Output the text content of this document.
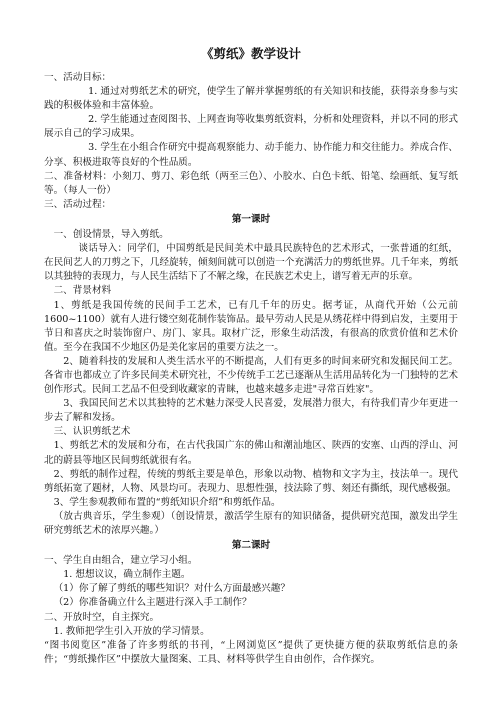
《剪纸》教学设计

一、活动目标：

1. 通过对剪纸艺术的研究，使学生了解并掌握剪纸的有关知识和技能，获得亲身参与实践的积极体验和丰富体验。

2. 学生能通过查阅图书、上网查询等收集剪纸资料，分析和处理资料，并以不同的形式展示自己的学习成果。

3. 学生在小组合作研究中提高观察能力、动手能力、协作能力和交往能力。养成合作、分享、积极进取等良好的个性品质。

二、准备材料：小刻刀、剪刀、彩色纸（两至三色）、小胶水、白色卡纸、铅笔、绘画纸、复写纸等。（每人一份）

三、活动过程：

第一课时

一、创设情景，导入剪纸。

谈话导入：同学们，中国剪纸是民间美术中最具民族特色的艺术形式，一张普通的红纸，在民间艺人的刀剪之下，几经旋转，倾刻间就可以创造一个充满活力的剪纸世界。几千年来，剪纸以其独特的表现力，与人民生活结下了不解之缘，在民族艺术史上，谱写着无声的乐章。

二、背景材料

1、剪纸是我国传统的民间手工艺术，已有几千年的历史。据考证，从商代开始（公元前1600~1100）就有人进行镂空刻花制作装饰品。最早劳动人民是从绣花样中得到启发，主要用于节日和喜庆之时装饰窗户、房门、家具。取材广泛，形象生动活泼，有很高的欣赏价值和艺术价值。至今在我国不少地区仍是美化家居的重要方法之一。

2、随着科技的发展和人类生活水平的不断提高，人们有更多的时间来研究和发掘民间工艺。各省市也都成立了许多民间美术研究社，不少传统手工艺已逐渐从生活用品转化为一门独特的艺术创作形式。民间工艺品不但受到收藏家的青睐，也越来越多走进"寻常百姓家"。

3、我国民间艺术以其独特的艺术魅力深受人民喜爱，发展潜力很大，有待我们青少年更进一步去了解和发扬。

三、认识剪纸艺术

1、剪纸艺术的发展和分布，在古代我国广东的佛山和潮汕地区、陕西的安塞、山西的浮山、河北的蔚县等地区民间剪纸就很有名。

2、剪纸的制作过程，传统的剪纸主要是单色，形象以动物、植物和文字为主，技法单一。现代剪纸拓宽了题材，人物、风景均可。表现力、思想性强，技法除了剪、刻还有撕纸，现代感极强。

3、学生参观教师布置的“剪纸知识介绍”和剪纸作品。

（放古典音乐，学生参观）（创设情景，激活学生原有的知识储备，提供研究范围，激发出学生研究剪纸艺术的浓厚兴趣。）

第二课时

一、学生自由组合，建立学习小组。

1. 想想议议，确立制作主题。

（1）你了解了剪纸的哪些知识？对什么方面最感兴趣？

（2）你准备确立什么主题进行深入手工制作？

二、开放时空，自主探究。

1. 教师把学生引入开放的学习情景。

“图书阅览区”准备了许多剪纸的书刊，“上网浏览区”提供了更快捷方便的获取剪纸信息的条件；“剪纸操作区”中摆放大量图案、工具、材料等供学生自由创作，合作探究。
